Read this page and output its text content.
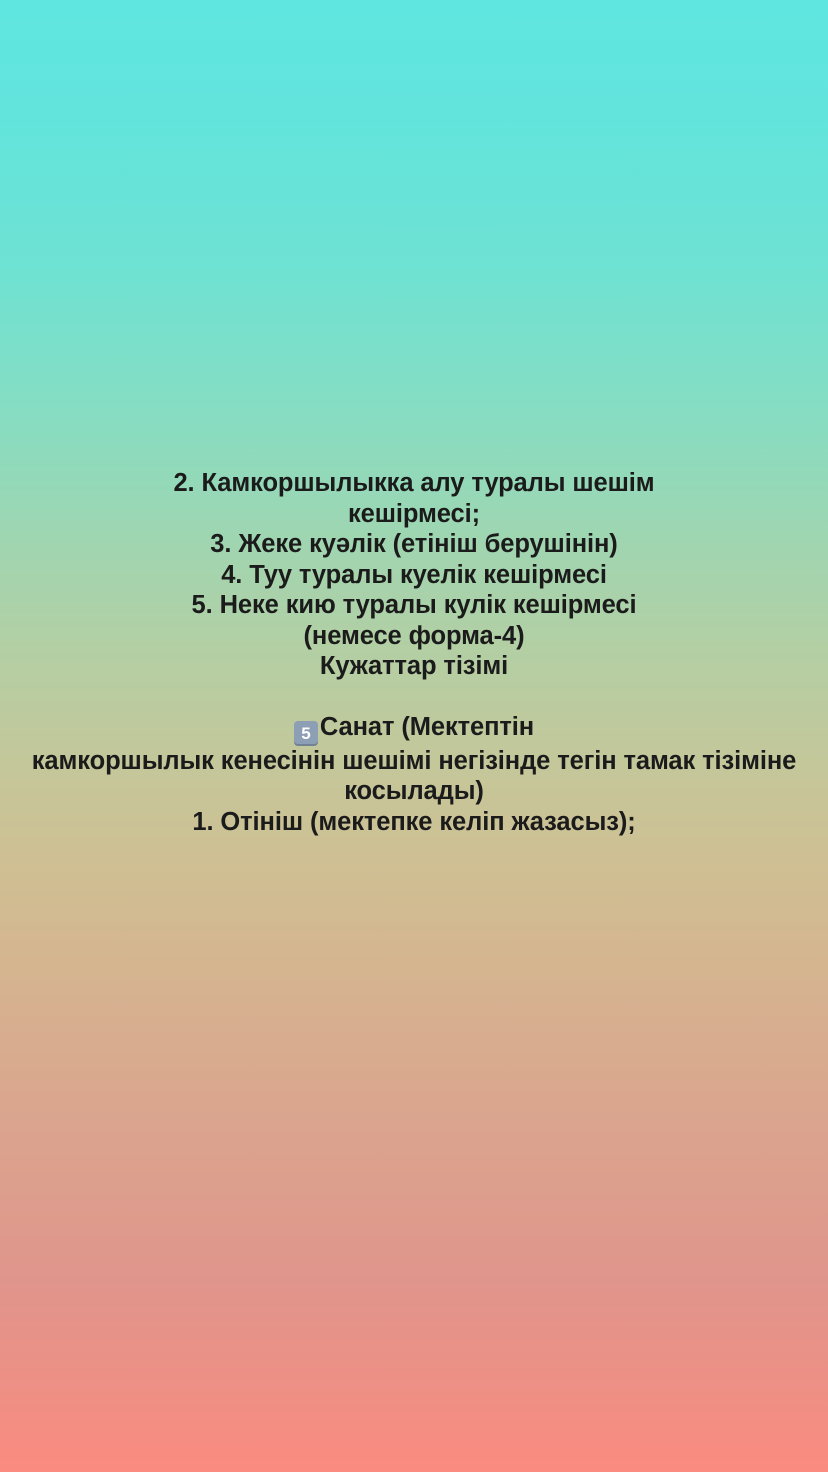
2. Камкоршылыкка алу туралы шешім
кешірмесі;
3. Жеке куәлік (етініш берушінін)
4. Туу туралы куелік кешірмесі
5. Неке кию туралы кулік кешірмесі
(немесе форма-4)
Кужаттар тізімі
5 Санат (Мектептін
камкоршылык кенесінін шешімі негізінде тегін тамак тізіміне
косылады)
1. Отініш (мектепке келіп жазасыз);
